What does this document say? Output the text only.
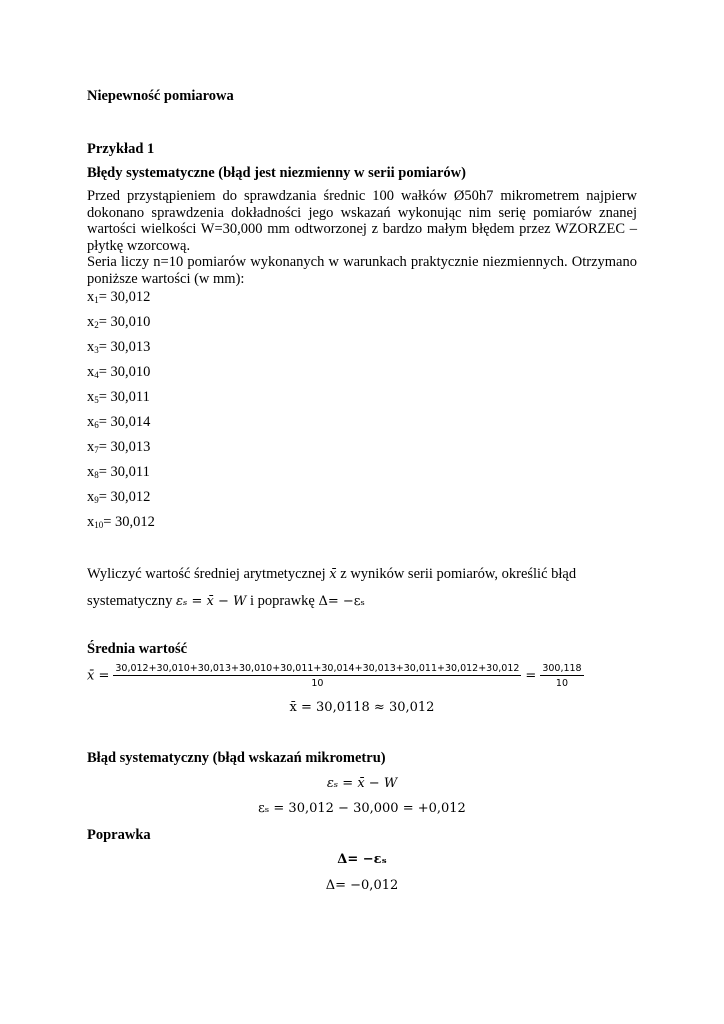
Niepewność pomiarowa
Przykład 1
Błędy systematyczne (błąd jest niezmienny w serii pomiarów)
Przed przystąpieniem do sprawdzania średnic 100 wałków Ø50h7 mikrometrem najpierw
dokonano sprawdzenia dokładności jego wskazań wykonując nim serię pomiarów znanej
wartości wielkości W=30,000 mm odtworzonej z bardzo małym błędem przez WZORZEC –
płytkę wzorcową.
Seria liczy n=10 pomiarów wykonanych w warunkach praktycznie niezmiennych. Otrzymano
poniższe wartości (w mm):
$x_1= 30,012$
$x_2= 30,010$
$x_3= 30,013$
$x_4= 30,010$
$x_5= 30,011$
$x_6= 30,014$
$x_7= 30,013$
$x_8= 30,011$
$x_9= 30,012$
$x_{10}= 30,012$
Wyliczyć wartość średniej arytmetycznej x̄ z wyników serii pomiarów, określić błąd
systematyczny εₛ = x̄ − W i poprawkę Δ= −εₛ
Średnia wartość
x̄ = 30,012+30,010+30,013+30,010+30,011+30,014+30,013+30,011+30,012+30,012
10	= $\frac{300,118}{10}$
x̄ = 30,0118 ≈ 30,012
Błąd systematyczny (błąd wskazań mikrometru)
εₛ = x̄ − W
εₛ = 30,012 − 30,000 = +0,012
Poprawka
Δ= −εₛ
Δ= −0,012
